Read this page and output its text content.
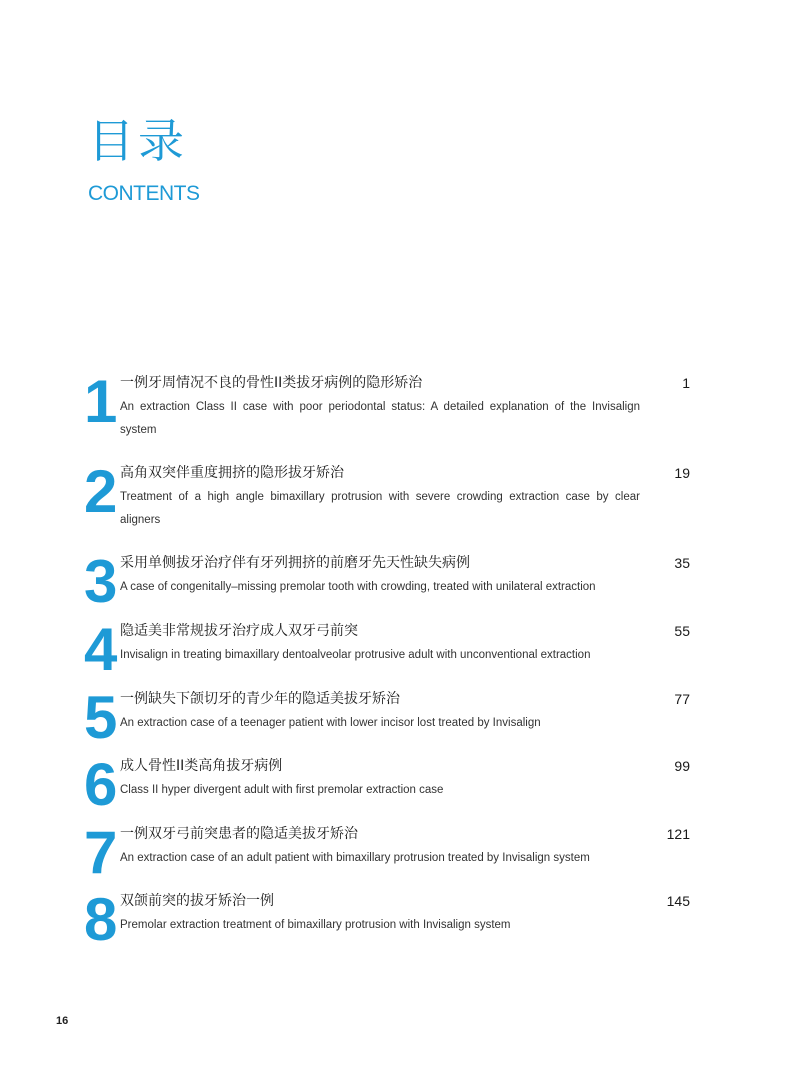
目录
CONTENTS
1 一例牙周情况不良的骨性II类拔牙病例的隐形矫治	1
An extraction Class II case with poor periodontal status: A detailed explanation of the Invisalign system
2 高角双突伴重度拥挤的隐形拔牙矫治	19
Treatment of a high angle bimaxillary protrusion with severe crowding extraction case by clear aligners
3 采用单侧拔牙治疗伴有牙列拥挤的前磨牙先天性缺失病例	35
A case of congenitally–missing premolar tooth with crowding, treated with unilateral extraction
4 隐适美非常规拔牙治疗成人双牙弓前突	55
Invisalign in treating bimaxillary dentoalveolar protrusive adult with unconventional extraction
5 一例缺失下颌切牙的青少年的隐适美拔牙矫治	77
An extraction case of a teenager patient with lower incisor lost treated by Invisalign
6 成人骨性II类高角拔牙病例	99
Class II hyper divergent adult with first premolar extraction case
7 一例双牙弓前突患者的隐适美拔牙矫治	121
An extraction case of an adult patient with bimaxillary protrusion treated by Invisalign system
8 双颌前突的拔牙矫治一例	145
Premolar extraction treatment of bimaxillary protrusion with Invisalign system
16
